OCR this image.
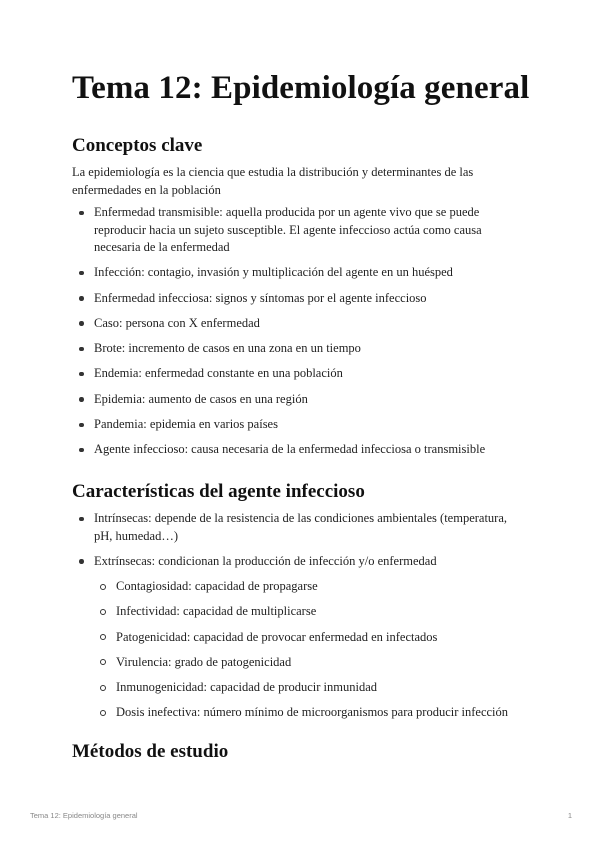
Tema 12: Epidemiología general
Conceptos clave

La epidemiología es la ciencia que estudia la distribución y determinantes de las enfermedades en la población

Enfermedad transmisible: aquella producida por un agente vivo que se puede reproducir hacia un sujeto susceptible. El agente infeccioso actúa como causa necesaria de la enfermedad
Infección: contagio, invasión y multiplicación del agente en un huésped
Enfermedad infecciosa: signos y síntomas por el agente infeccioso
Caso: persona con X enfermedad
Brote: incremento de casos en una zona en un tiempo
Endemia: enfermedad constante en una población
Epidemia: aumento de casos en una región
Pandemia: epidemia en varios países
Agente infeccioso: causa necesaria de la enfermedad infecciosa o transmisible
Características del agente infeccioso
Intrínsecas: depende de la resistencia de las condiciones ambientales (temperatura, pH, humedad…)
Extrínsecas: condicionan la producción de infección y/o enfermedad
Contagiosidad: capacidad de propagarse
Infectividad: capacidad de multiplicarse
Patogenicidad: capacidad de provocar enfermedad en infectados
Virulencia: grado de patogenicidad
Inmunogenicidad: capacidad de producir inmunidad
Dosis inefectiva: número mínimo de microorganismos para producir infección
Métodos de estudio
Tema 12: Epidemiología general	1
